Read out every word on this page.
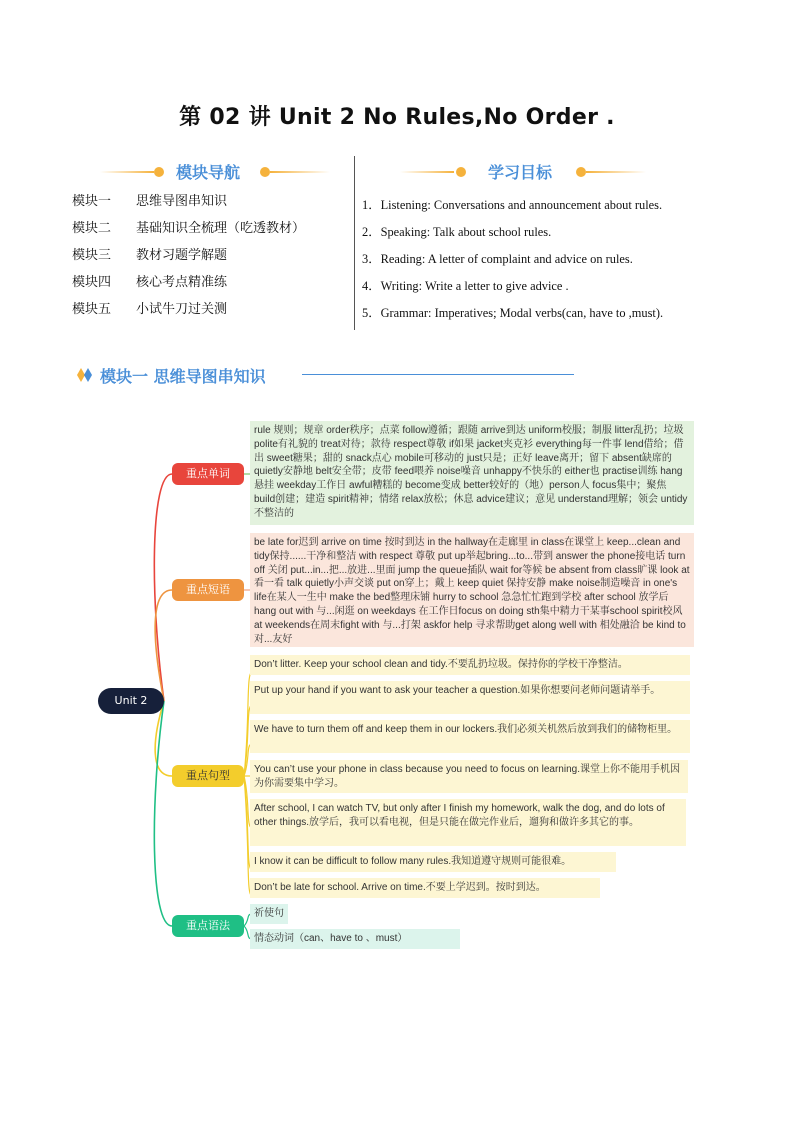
第 02 讲 Unit 2 No Rules,No Order .
模块导航	学习目标
模块一	思维导图串知识
模块二	基础知识全梳理（吃透教材）
模块三	教材习题学解题
模块四	核心考点精准练
模块五	小试牛刀过关测
1．Listening: Conversations and announcement about rules.
2．Speaking: Talk about school rules.
3．Reading: A letter of complaint and advice on rules.
4．Writing: Write a letter to give advice .
5．Grammar: Imperatives; Modal verbs(can, have to ,must).
模块一 思维导图串知识
Unit 2
重点单词
重点短语
重点句型
重点语法
rule 规则；规章 order秩序；点菜 follow遵循；跟随 arrive到达 uniform校服；制服 litter乱扔；垃圾 polite有礼貌的 treat对待；款待 respect尊敬 if如果 jacket夹克衫 everything每一件事 lend借给；借出 sweet糖果；甜的 snack点心 mobile可移动的 just只是；正好 leave离开；留下 absent缺席的 quietly安静地 belt安全带；皮带 feed喂养 noise噪音 unhappy不快乐的 either也 practise训练 hang悬挂 weekday工作日 awful糟糕的 become变成 better较好的（地）person人 focus集中；聚焦 build创建；建造 spirit精神；情绪 relax放松；休息 advice建议；意见 understand理解；领会 untidy不整洁的
be late for迟到 arrive on time 按时到达 in the hallway在走廊里 in class在课堂上 keep...clean and tidy保持......干净和整洁 with respect 尊敬 put up举起bring...to...带到 answer the phone接电话 turn off 关闭 put...in...把...放进...里面 jump the queue插队 wait for等候 be absent from class旷课 look at 看一看 talk quietly小声交谈 put on穿上；戴上 keep quiet 保持安静 make noise制造噪音 in one's life在某人一生中 make the bed整理床铺 hurry to school 急急忙忙跑到学校 after school 放学后 hang out with 与...闲逛 on weekdays 在工作日focus on doing sth集中精力干某事school spirit校风 at weekends在周末fight with 与...打架 askfor help 寻求帮助get along well with 相处融洽 be kind to 对...友好
Don’t litter. Keep your school clean and tidy.不要乱扔垃圾。保持你的学校干净整洁。
Put up your hand if you want to ask your teacher a question.如果你想要问老师问题请举手。
We have to turn them off and keep them in our lockers.我们必须关机然后放到我们的储物柜里。
You can’t use your phone in class because you need to focus on learning.课堂上你不能用手机因为你需要集中学习。
After school, I can watch TV, but only after I finish my homework, walk the dog, and do lots of other things.放学后，我可以看电视，但是只能在做完作业后，遛狗和做许多其它的事。
I know it can be difficult to follow many rules.我知道遵守规则可能很难。
Don’t be late for school. Arrive on time.不要上学迟到。按时到达。
祈使句
情态动词（can、have to 、must）
